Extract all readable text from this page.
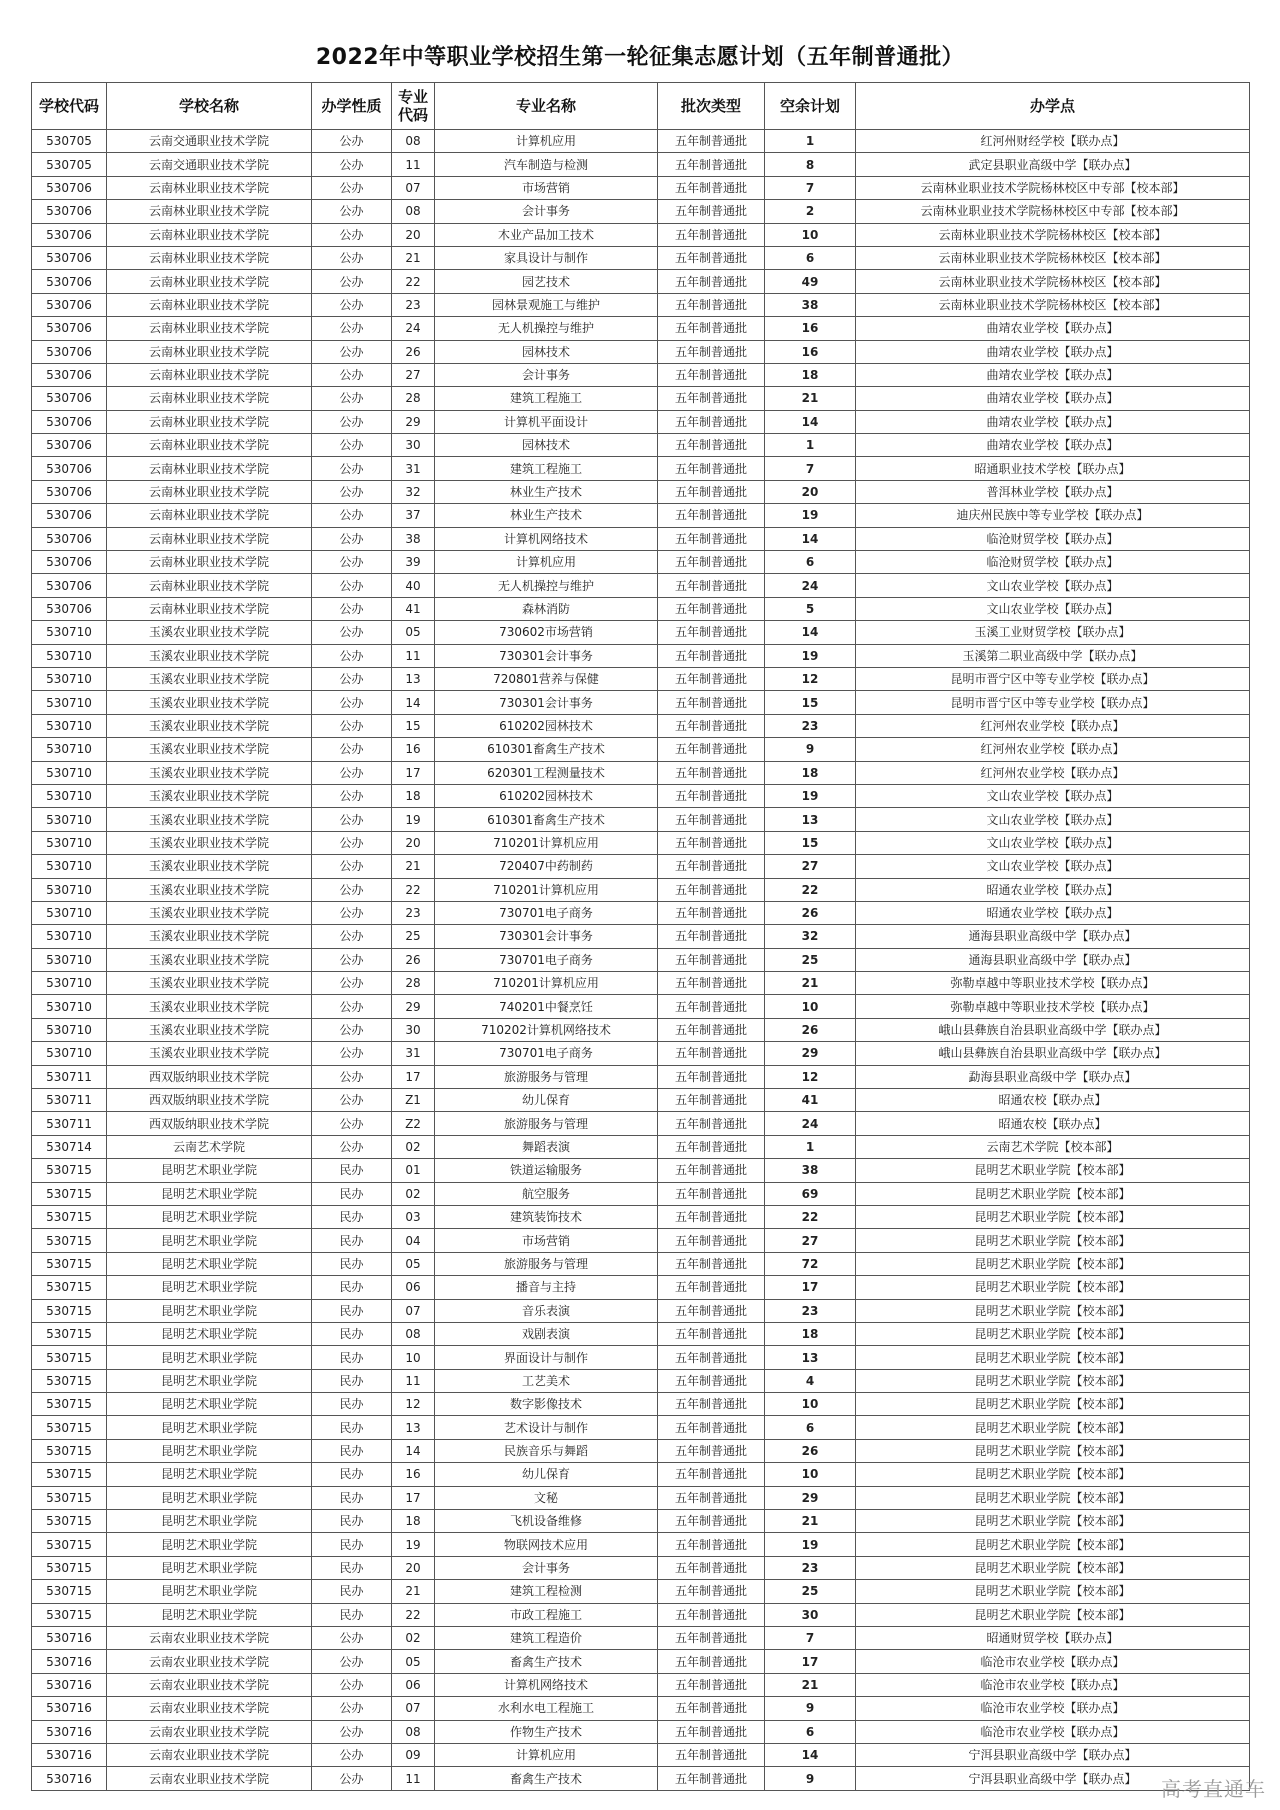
2022年中等职业学校招生第一轮征集志愿计划（五年制普通批）
学校代码	学校名称	办学性质	专业
代码	专业名称	批次类型	空余计划	办学点
530705	云南交通职业技术学院	公办	08	计算机应用	五年制普通批	1	红河州财经学校【联办点】
530705	云南交通职业技术学院	公办	11	汽车制造与检测	五年制普通批	8	武定县职业高级中学【联办点】
530706	云南林业职业技术学院	公办	07	市场营销	五年制普通批	7	云南林业职业技术学院杨林校区中专部【校本部】
530706	云南林业职业技术学院	公办	08	会计事务	五年制普通批	2	云南林业职业技术学院杨林校区中专部【校本部】
530706	云南林业职业技术学院	公办	20	木业产品加工技术	五年制普通批	10	云南林业职业技术学院杨林校区【校本部】
530706	云南林业职业技术学院	公办	21	家具设计与制作	五年制普通批	6	云南林业职业技术学院杨林校区【校本部】
530706	云南林业职业技术学院	公办	22	园艺技术	五年制普通批	49	云南林业职业技术学院杨林校区【校本部】
530706	云南林业职业技术学院	公办	23	园林景观施工与维护	五年制普通批	38	云南林业职业技术学院杨林校区【校本部】
530706	云南林业职业技术学院	公办	24	无人机操控与维护	五年制普通批	16	曲靖农业学校【联办点】
530706	云南林业职业技术学院	公办	26	园林技术	五年制普通批	16	曲靖农业学校【联办点】
530706	云南林业职业技术学院	公办	27	会计事务	五年制普通批	18	曲靖农业学校【联办点】
530706	云南林业职业技术学院	公办	28	建筑工程施工	五年制普通批	21	曲靖农业学校【联办点】
530706	云南林业职业技术学院	公办	29	计算机平面设计	五年制普通批	14	曲靖农业学校【联办点】
530706	云南林业职业技术学院	公办	30	园林技术	五年制普通批	1	曲靖农业学校【联办点】
530706	云南林业职业技术学院	公办	31	建筑工程施工	五年制普通批	7	昭通职业技术学校【联办点】
530706	云南林业职业技术学院	公办	32	林业生产技术	五年制普通批	20	普洱林业学校【联办点】
530706	云南林业职业技术学院	公办	37	林业生产技术	五年制普通批	19	迪庆州民族中等专业学校【联办点】
530706	云南林业职业技术学院	公办	38	计算机网络技术	五年制普通批	14	临沧财贸学校【联办点】
530706	云南林业职业技术学院	公办	39	计算机应用	五年制普通批	6	临沧财贸学校【联办点】
530706	云南林业职业技术学院	公办	40	无人机操控与维护	五年制普通批	24	文山农业学校【联办点】
530706	云南林业职业技术学院	公办	41	森林消防	五年制普通批	5	文山农业学校【联办点】
530710	玉溪农业职业技术学院	公办	05	730602市场营销	五年制普通批	14	玉溪工业财贸学校【联办点】
530710	玉溪农业职业技术学院	公办	11	730301会计事务	五年制普通批	19	玉溪第二职业高级中学【联办点】
530710	玉溪农业职业技术学院	公办	13	720801营养与保健	五年制普通批	12	昆明市晋宁区中等专业学校【联办点】
530710	玉溪农业职业技术学院	公办	14	730301会计事务	五年制普通批	15	昆明市晋宁区中等专业学校【联办点】
530710	玉溪农业职业技术学院	公办	15	610202园林技术	五年制普通批	23	红河州农业学校【联办点】
530710	玉溪农业职业技术学院	公办	16	610301畜禽生产技术	五年制普通批	9	红河州农业学校【联办点】
530710	玉溪农业职业技术学院	公办	17	620301工程测量技术	五年制普通批	18	红河州农业学校【联办点】
530710	玉溪农业职业技术学院	公办	18	610202园林技术	五年制普通批	19	文山农业学校【联办点】
530710	玉溪农业职业技术学院	公办	19	610301畜禽生产技术	五年制普通批	13	文山农业学校【联办点】
530710	玉溪农业职业技术学院	公办	20	710201计算机应用	五年制普通批	15	文山农业学校【联办点】
530710	玉溪农业职业技术学院	公办	21	720407中药制药	五年制普通批	27	文山农业学校【联办点】
530710	玉溪农业职业技术学院	公办	22	710201计算机应用	五年制普通批	22	昭通农业学校【联办点】
530710	玉溪农业职业技术学院	公办	23	730701电子商务	五年制普通批	26	昭通农业学校【联办点】
530710	玉溪农业职业技术学院	公办	25	730301会计事务	五年制普通批	32	通海县职业高级中学【联办点】
530710	玉溪农业职业技术学院	公办	26	730701电子商务	五年制普通批	25	通海县职业高级中学【联办点】
530710	玉溪农业职业技术学院	公办	28	710201计算机应用	五年制普通批	21	弥勒卓越中等职业技术学校【联办点】
530710	玉溪农业职业技术学院	公办	29	740201中餐烹饪	五年制普通批	10	弥勒卓越中等职业技术学校【联办点】
530710	玉溪农业职业技术学院	公办	30	710202计算机网络技术	五年制普通批	26	峨山县彝族自治县职业高级中学【联办点】
530710	玉溪农业职业技术学院	公办	31	730701电子商务	五年制普通批	29	峨山县彝族自治县职业高级中学【联办点】
530711	西双版纳职业技术学院	公办	17	旅游服务与管理	五年制普通批	12	勐海县职业高级中学【联办点】
530711	西双版纳职业技术学院	公办	Z1	幼儿保育	五年制普通批	41	昭通农校【联办点】
530711	西双版纳职业技术学院	公办	Z2	旅游服务与管理	五年制普通批	24	昭通农校【联办点】
530714	云南艺术学院	公办	02	舞蹈表演	五年制普通批	1	云南艺术学院【校本部】
530715	昆明艺术职业学院	民办	01	铁道运输服务	五年制普通批	38	昆明艺术职业学院【校本部】
530715	昆明艺术职业学院	民办	02	航空服务	五年制普通批	69	昆明艺术职业学院【校本部】
530715	昆明艺术职业学院	民办	03	建筑装饰技术	五年制普通批	22	昆明艺术职业学院【校本部】
530715	昆明艺术职业学院	民办	04	市场营销	五年制普通批	27	昆明艺术职业学院【校本部】
530715	昆明艺术职业学院	民办	05	旅游服务与管理	五年制普通批	72	昆明艺术职业学院【校本部】
530715	昆明艺术职业学院	民办	06	播音与主持	五年制普通批	17	昆明艺术职业学院【校本部】
530715	昆明艺术职业学院	民办	07	音乐表演	五年制普通批	23	昆明艺术职业学院【校本部】
530715	昆明艺术职业学院	民办	08	戏剧表演	五年制普通批	18	昆明艺术职业学院【校本部】
530715	昆明艺术职业学院	民办	10	界面设计与制作	五年制普通批	13	昆明艺术职业学院【校本部】
530715	昆明艺术职业学院	民办	11	工艺美术	五年制普通批	4	昆明艺术职业学院【校本部】
530715	昆明艺术职业学院	民办	12	数字影像技术	五年制普通批	10	昆明艺术职业学院【校本部】
530715	昆明艺术职业学院	民办	13	艺术设计与制作	五年制普通批	6	昆明艺术职业学院【校本部】
530715	昆明艺术职业学院	民办	14	民族音乐与舞蹈	五年制普通批	26	昆明艺术职业学院【校本部】
530715	昆明艺术职业学院	民办	16	幼儿保育	五年制普通批	10	昆明艺术职业学院【校本部】
530715	昆明艺术职业学院	民办	17	文秘	五年制普通批	29	昆明艺术职业学院【校本部】
530715	昆明艺术职业学院	民办	18	飞机设备维修	五年制普通批	21	昆明艺术职业学院【校本部】
530715	昆明艺术职业学院	民办	19	物联网技术应用	五年制普通批	19	昆明艺术职业学院【校本部】
530715	昆明艺术职业学院	民办	20	会计事务	五年制普通批	23	昆明艺术职业学院【校本部】
530715	昆明艺术职业学院	民办	21	建筑工程检测	五年制普通批	25	昆明艺术职业学院【校本部】
530715	昆明艺术职业学院	民办	22	市政工程施工	五年制普通批	30	昆明艺术职业学院【校本部】
530716	云南农业职业技术学院	公办	02	建筑工程造价	五年制普通批	7	昭通财贸学校【联办点】
530716	云南农业职业技术学院	公办	05	畜禽生产技术	五年制普通批	17	临沧市农业学校【联办点】
530716	云南农业职业技术学院	公办	06	计算机网络技术	五年制普通批	21	临沧市农业学校【联办点】
530716	云南农业职业技术学院	公办	07	水利水电工程施工	五年制普通批	9	临沧市农业学校【联办点】
530716	云南农业职业技术学院	公办	08	作物生产技术	五年制普通批	6	临沧市农业学校【联办点】
530716	云南农业职业技术学院	公办	09	计算机应用	五年制普通批	14	宁洱县职业高级中学【联办点】
530716	云南农业职业技术学院	公办	11	畜禽生产技术	五年制普通批	9	宁洱县职业高级中学【联办点】 高考直通车
